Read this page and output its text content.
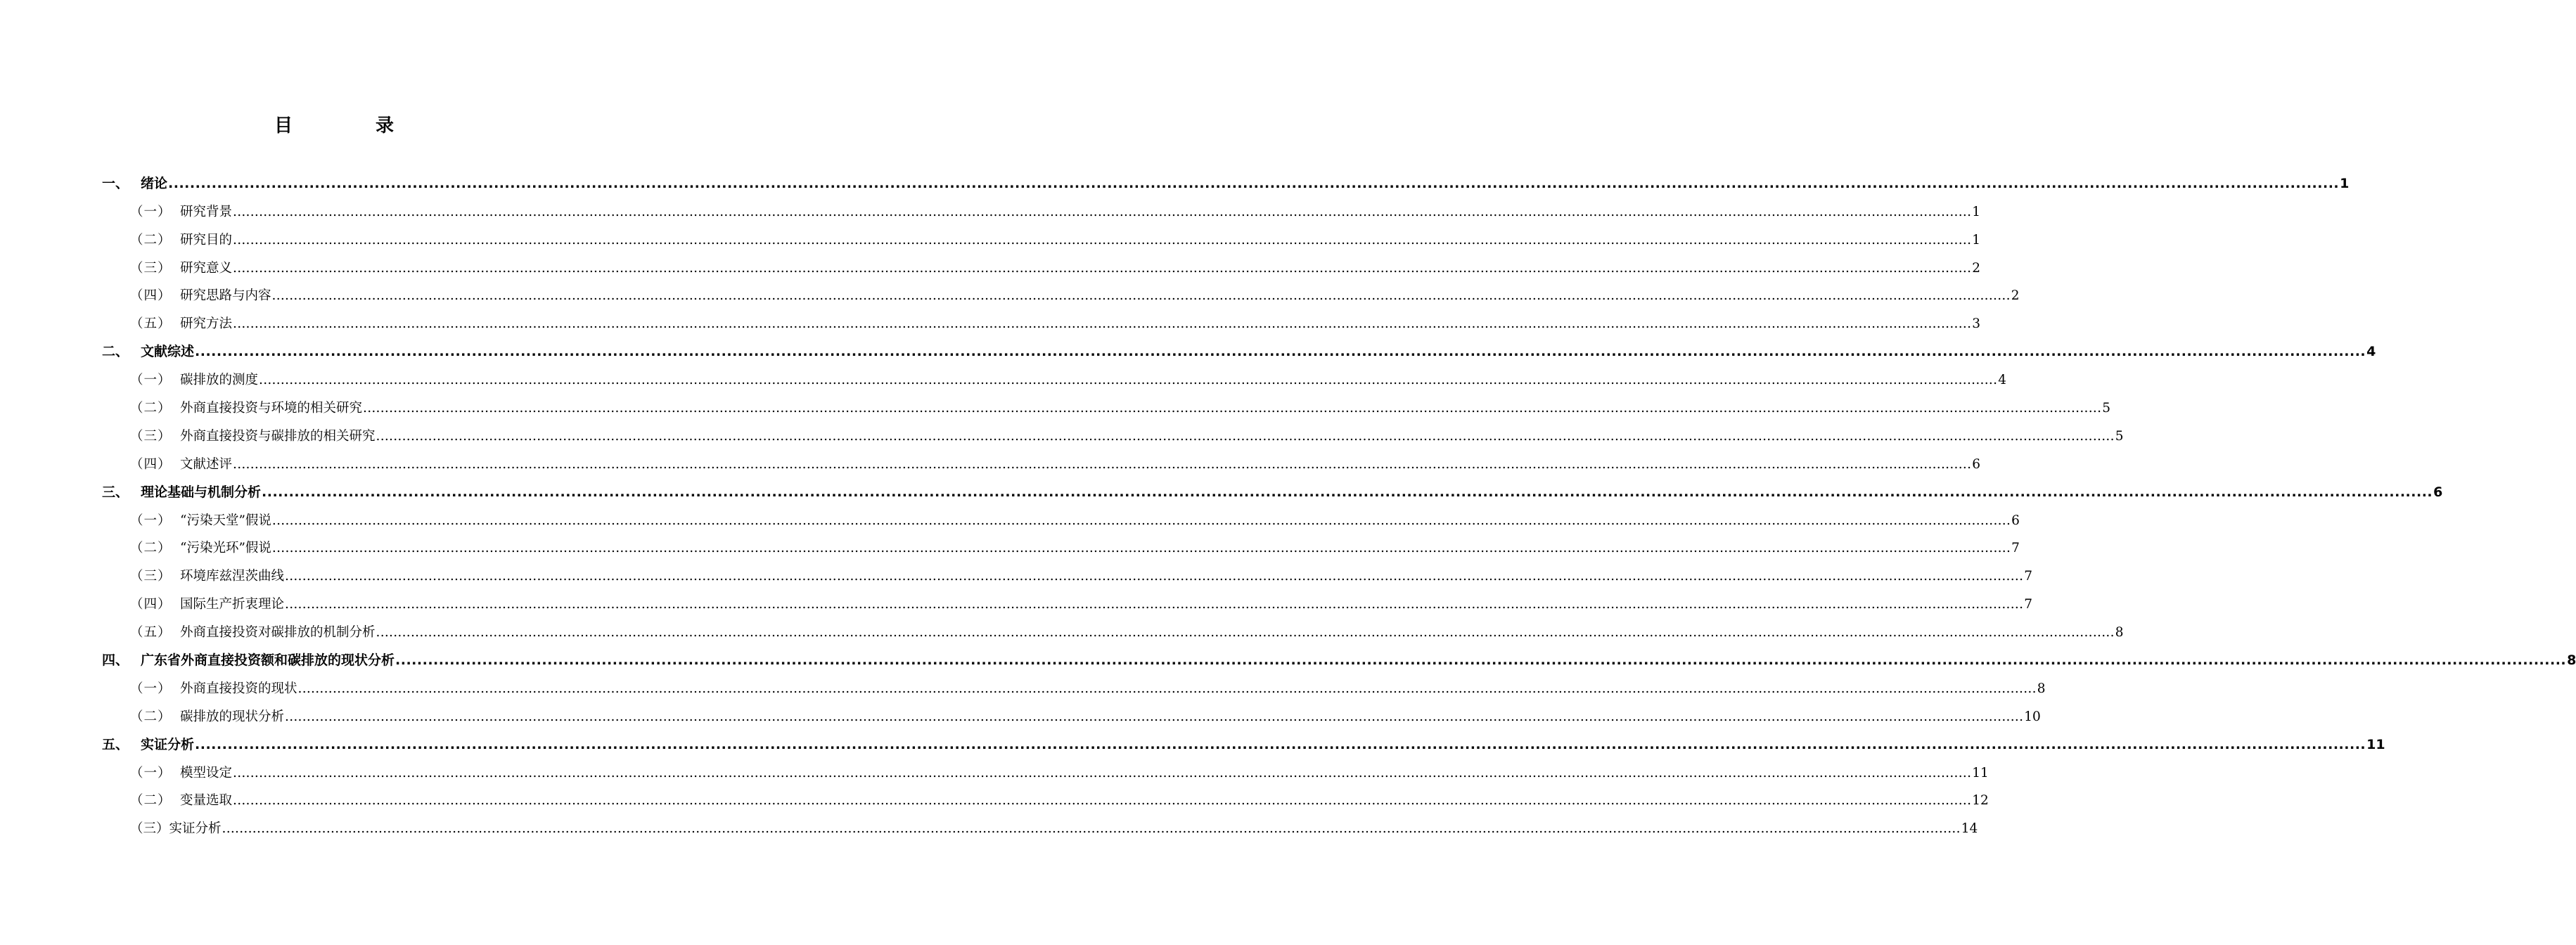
目　录
一、 绪论 ................................................................................................................................................................................................................................................................................................................................................................................................................ 1
（一） 研究背景 ................................................................................................................................................................................................................................................................................................................................................................................................................ 1
（二） 研究目的 ................................................................................................................................................................................................................................................................................................................................................................................................................ 1
（三） 研究意义 ................................................................................................................................................................................................................................................................................................................................................................................................................ 2
（四） 研究思路与内容 ................................................................................................................................................................................................................................................................................................................................................................................................................ 2
（五） 研究方法 ................................................................................................................................................................................................................................................................................................................................................................................................................ 3
二、 文献综述 ................................................................................................................................................................................................................................................................................................................................................................................................................ 4
（一） 碳排放的测度 ................................................................................................................................................................................................................................................................................................................................................................................................................ 4
（二） 外商直接投资与环境的相关研究 ................................................................................................................................................................................................................................................................................................................................................................................................................ 5
（三） 外商直接投资与碳排放的相关研究 ................................................................................................................................................................................................................................................................................................................................................................................................................ 5
（四） 文献述评 ................................................................................................................................................................................................................................................................................................................................................................................................................ 6
三、 理论基础与机制分析 ................................................................................................................................................................................................................................................................................................................................................................................................................ 6
（一） “污染天堂”假说 ................................................................................................................................................................................................................................................................................................................................................................................................................ 6
（二） “污染光环”假说 ................................................................................................................................................................................................................................................................................................................................................................................................................ 7
（三） 环境库兹涅茨曲线 ................................................................................................................................................................................................................................................................................................................................................................................................................ 7
（四） 国际生产折衷理论 ................................................................................................................................................................................................................................................................................................................................................................................................................ 7
（五） 外商直接投资对碳排放的机制分析 ................................................................................................................................................................................................................................................................................................................................................................................................................ 8
四、 广东省外商直接投资额和碳排放的现状分析 ................................................................................................................................................................................................................................................................................................................................................................................................................ 8
（一） 外商直接投资的现状 ................................................................................................................................................................................................................................................................................................................................................................................................................ 8
（二） 碳排放的现状分析 ................................................................................................................................................................................................................................................................................................................................................................................................................ 10
五、 实证分析 ................................................................................................................................................................................................................................................................................................................................................................................................................ 11
（一） 模型设定 ................................................................................................................................................................................................................................................................................................................................................................................................................ 11
（二） 变量选取 ................................................................................................................................................................................................................................................................................................................................................................................................................ 12
（三）实证分析 ................................................................................................................................................................................................................................................................................................................................................................................................................ 14
